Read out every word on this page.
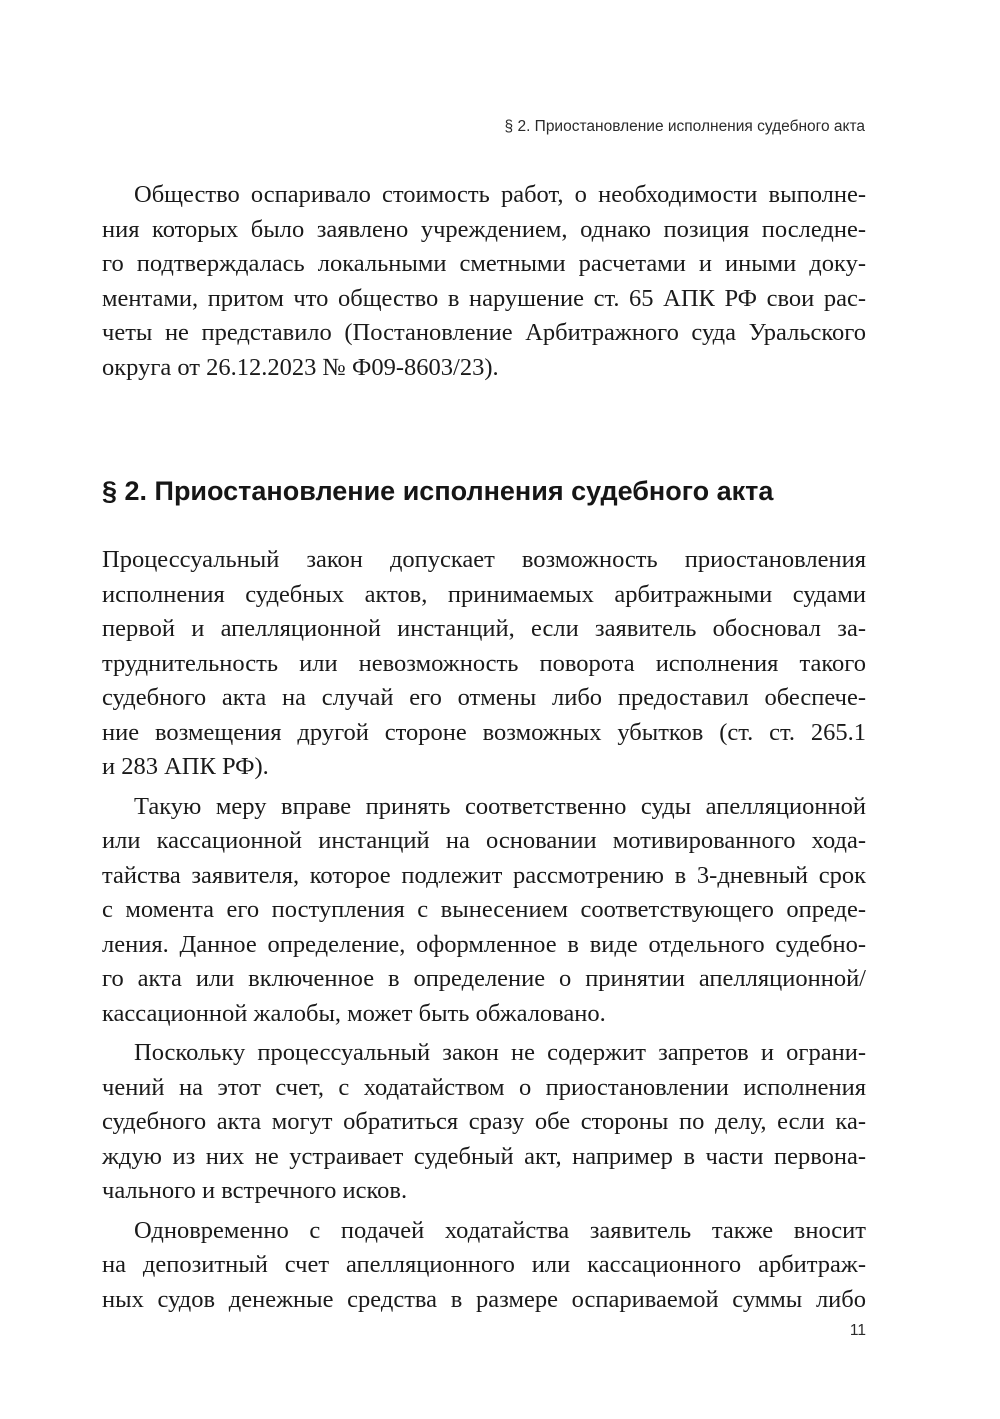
§ 2. Приостановление исполнения судебного акта
Общество оспаривало стоимость работ, о необходимости выполне-
ния которых было заявлено учреждением, однако позиция последне-
го подтверждалась локальными сметными расчетами и иными доку-
ментами, притом что общество в нарушение ст. 65 АПК РФ свои рас-
четы не представило (Постановление Арбитражного суда Уральского
округа от 26.12.2023 № Ф09-8603/23).
§ 2. Приостановление исполнения судебного акта
Процессуальный закон допускает возможность приостановления
исполнения судебных актов, принимаемых арбитражными судами
первой и апелляционной инстанций, если заявитель обосновал за-
труднительность или невозможность поворота исполнения такого
судебного акта на случай его отмены либо предоставил обеспече-
ние возмещения другой стороне возможных убытков (ст. ст. 265.1
и 283 АПК РФ).
Такую меру вправе принять соответственно суды апелляционной
или кассационной инстанций на основании мотивированного хода-
тайства заявителя, которое подлежит рассмотрению в 3-дневный срок
с момента его поступления с вынесением соответствующего опреде-
ления. Данное определение, оформленное в виде отдельного судебно-
го акта или включенное в определение о принятии апелляционной/
кассационной жалобы, может быть обжаловано.
Поскольку процессуальный закон не содержит запретов и ограни-
чений на этот счет, с ходатайством о приостановлении исполнения
судебного акта могут обратиться сразу обе стороны по делу, если ка-
ждую из них не устраивает судебный акт, например в части первона-
чального и встречного исков.
Одновременно с подачей ходатайства заявитель также вносит
на депозитный счет апелляционного или кассационного арбитраж-
ных судов денежные средства в размере оспариваемой суммы либо
11
